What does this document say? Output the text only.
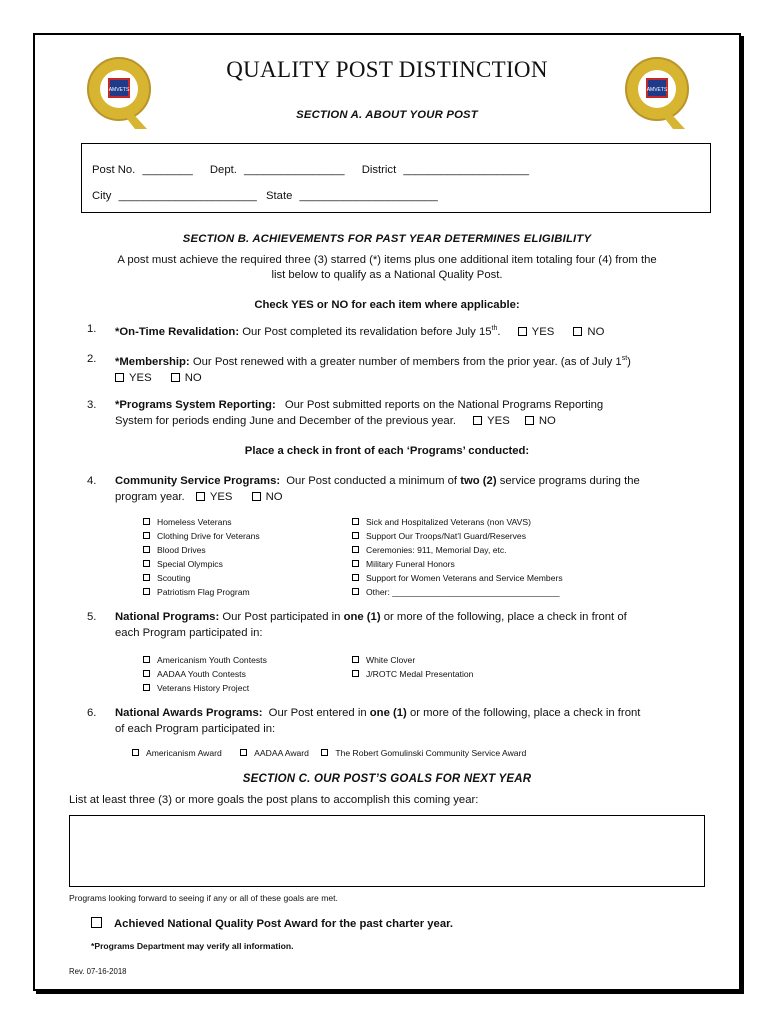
AMVETS	AMVETS
QUALITY POST DISTINCTION
SECTION A. ABOUT YOUR POST
Post No. ________ Dept. ________________ District ____________________
City ______________________ State ______________________
SECTION B. ACHIEVEMENTS FOR PAST YEAR DETERMINES ELIGIBILITY
A post must achieve the required three (3) starred (*) items plus one additional item totaling four (4) from the
list below to qualify as a National Quality Post.
Check YES or NO for each item where applicable:
1.	*On-Time Revalidation: Our Post completed its revalidation before July 15th.	YES	NO
2.	*Membership: Our Post renewed with a greater number of members from the prior year. (as of July 1st)
YES	NO
3.	*Programs System Reporting: Our Post submitted reports on the National Programs Reporting
System for periods ending June and December of the previous year.	YES	NO
Place a check in front of each ‘Programs’ conducted:
4.	Community Service Programs: Our Post conducted a minimum of two (2) service programs during the
program year. YES	NO
Homeless Veterans
Clothing Drive for Veterans
Blood Drives
Special Olympics
Scouting
Patriotism Flag Program
Sick and Hospitalized Veterans (non VAVS)
Support Our Troops/Nat’l Guard/Reserves
Ceremonies: 911, Memorial Day, etc.
Military Funeral Honors
Support for Women Veterans and Service Members
Other: ___________________________________
5.	National Programs: Our Post participated in one (1) or more of the following, place a check in front of
each Program participated in:
Americanism Youth Contests
AADAA Youth Contests
Veterans History Project
White Clover
J/ROTC Medal Presentation
6.	National Awards Programs: Our Post entered in one (1) or more of the following, place a check in front
of each Program participated in:
Americanism Award	AADAA Award	The Robert Gomulinski Community Service Award
SECTION C. OUR POST’S GOALS FOR NEXT YEAR
List at least three (3) or more goals the post plans to accomplish this coming year:
Programs looking forward to seeing if any or all of these goals are met.
Achieved National Quality Post Award for the past charter year.
*Programs Department may verify all information.
Rev. 07-16-2018
